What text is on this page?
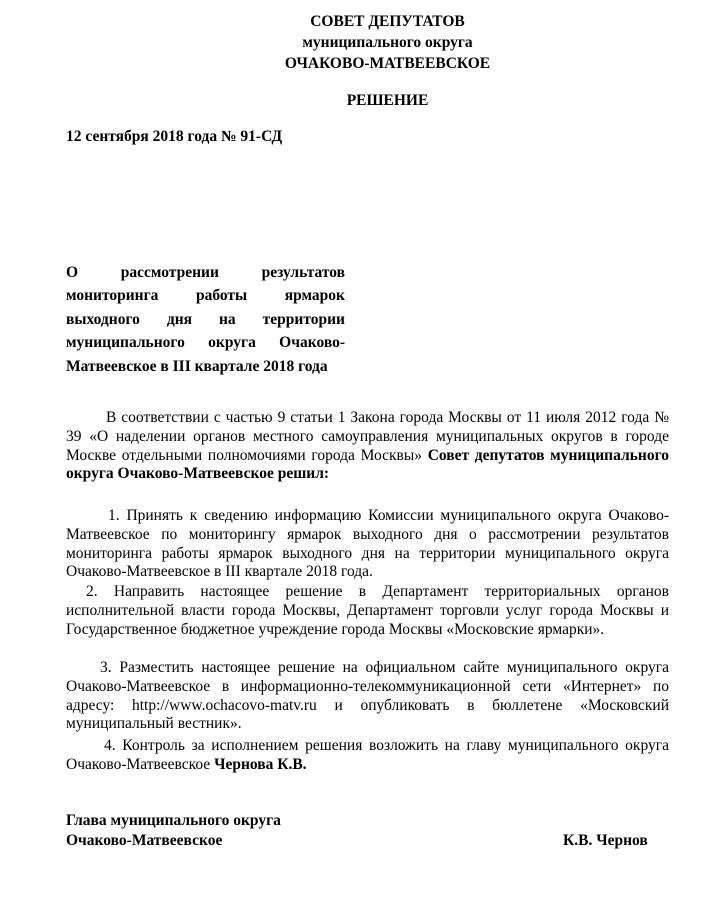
СОВЕТ ДЕПУТАТОВ
муниципального округа
ОЧАКОВО-МАТВЕЕВСКОЕ
РЕШЕНИЕ
12 сентября 2018 года № 91-СД
О рассмотрении результатов мониторинга работы ярмарок выходного дня на территории муниципального округа Очаково-Матвеевское в III квартале 2018 года
В соответствии с частью 9 статьи 1 Закона города Москвы от 11 июля 2012 года № 39 «О наделении органов местного самоуправления муниципальных округов в городе Москве отдельными полномочиями города Москвы» Совет депутатов муниципального округа Очаково-Матвеевское решил:
1. Принять к сведению информацию Комиссии муниципального округа Очаково-Матвеевское по мониторингу ярмарок выходного дня о рассмотрении результатов мониторинга работы ярмарок выходного дня на территории муниципального округа Очаково-Матвеевское в III квартале 2018 года.
2. Направить настоящее решение в Департамент территориальных органов исполнительной власти города Москвы, Департамент торговли услуг города Москвы и Государственное бюджетное учреждение города Москвы «Московские ярмарки».
3. Разместить настоящее решение на официальном сайте муниципального округа Очаково-Матвеевское в информационно-телекоммуникационной сети «Интернет» по адресу: http://www.ochacovo-matv.ru и опубликовать в бюллетене «Московский муниципальный вестник».
4. Контроль за исполнением решения возложить на главу муниципального округа Очаково-Матвеевское Чернова К.В.
Глава муниципального округа
Очаково-Матвеевское	К.В. Чернов
